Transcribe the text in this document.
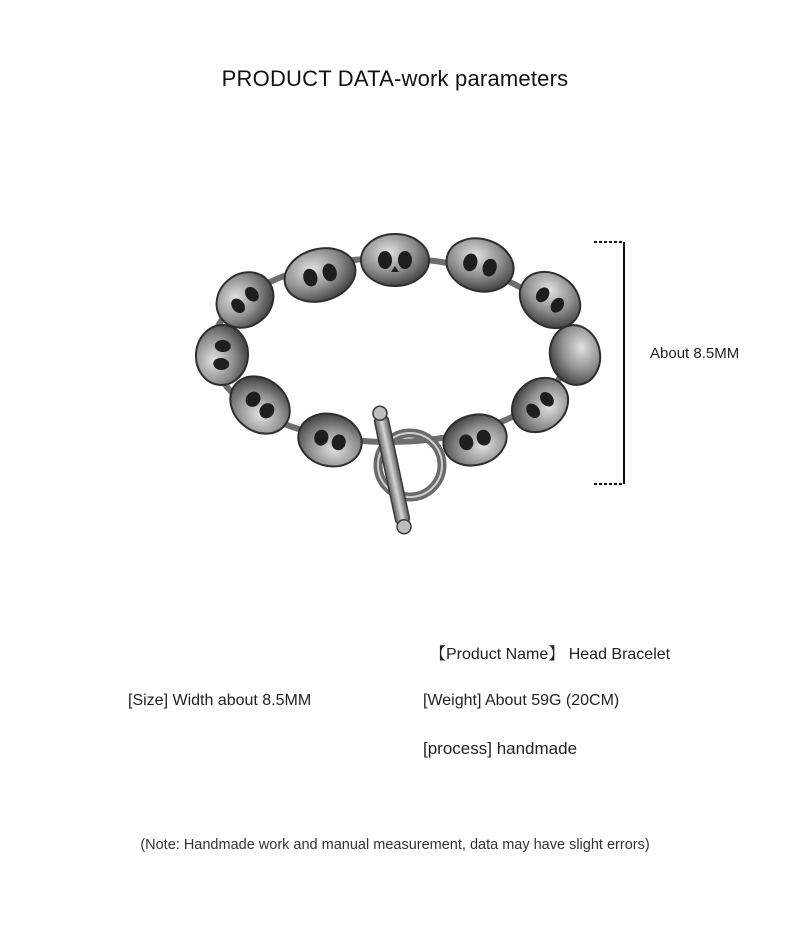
PRODUCT DATA-work parameters
About 8.5MM
【Product Name】 Head Bracelet
[Size] Width about 8.5MM	[Weight] About 59G (20CM)
[process] handmade
(Note: Handmade work and manual measurement, data may have slight errors)
